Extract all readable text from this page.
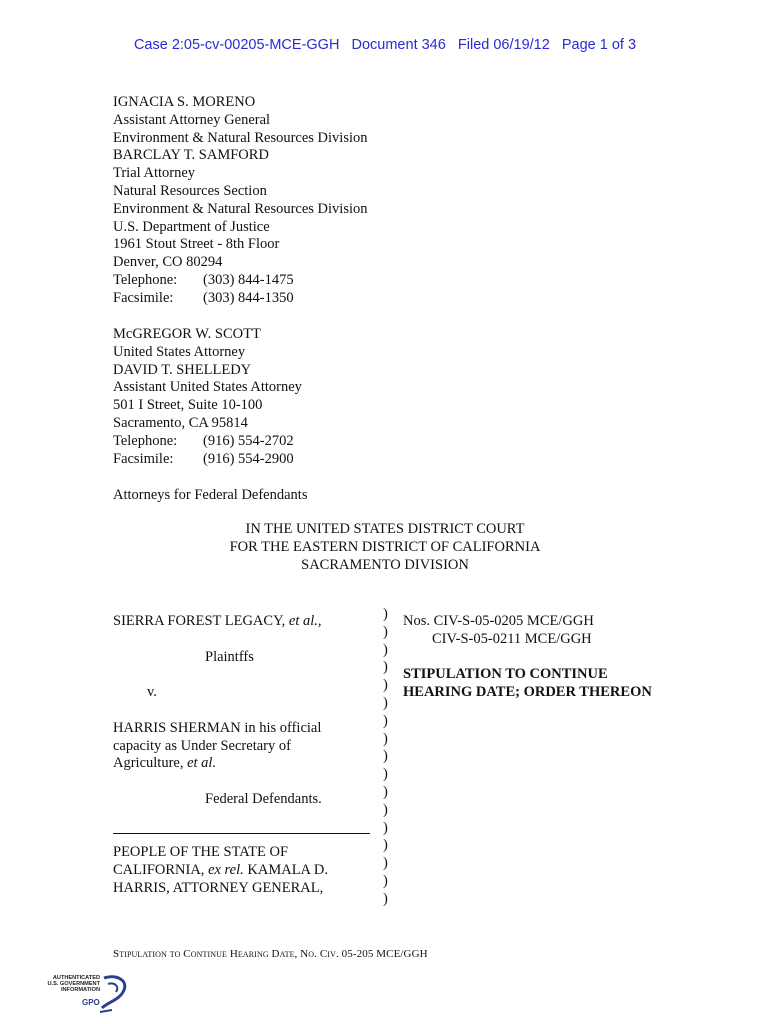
Case 2:05-cv-00205-MCE-GGH   Document 346   Filed 06/19/12   Page 1 of 3
IGNACIA S. MORENO
Assistant Attorney General
Environment & Natural Resources Division
BARCLAY T. SAMFORD
Trial Attorney
Natural Resources Section
Environment & Natural Resources Division
U.S. Department of Justice
1961 Stout Street - 8th Floor
Denver, CO 80294
Telephone: (303) 844-1475
Facsimile: (303) 844-1350
McGREGOR W. SCOTT
United States Attorney
DAVID T. SHELLEDY
Assistant United States Attorney
501 I Street, Suite 10-100
Sacramento, CA 95814
Telephone: (916) 554-2702
Facsimile: (916) 554-2900
Attorneys for Federal Defendants
IN THE UNITED STATES DISTRICT COURT
FOR THE EASTERN DISTRICT OF CALIFORNIA
SACRAMENTO DIVISION
SIERRA FOREST LEGACY, et al.,
Plaintffs
v.
HARRIS SHERMAN in his official
capacity as Under Secretary of
Agriculture, et al.
Federal Defendants.
PEOPLE OF THE STATE OF
CALIFORNIA, ex rel. KAMALA D.
HARRIS, ATTORNEY GENERAL,
)
)
)
)
)
)
)
)
)
)
)
)
)
)
)
)
)
Nos. CIV-S-05-0205 MCE/GGH
CIV-S-05-0211 MCE/GGH
STIPULATION TO CONTINUE
HEARING DATE; ORDER THEREON
Stipulation to Continue Hearing Date, No. Civ. 05-205 MCE/GGH
AUTHENTICATED
U.S. GOVERNMENT
INFORMATION
GPO
